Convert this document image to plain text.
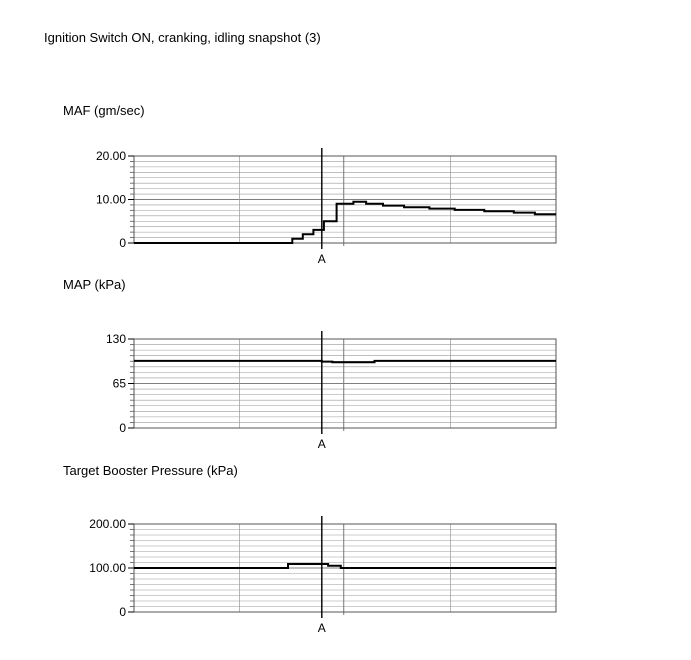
Ignition Switch ON, cranking, idling snapshot (3)
MAF (gm/sec)
MAP (kPa)
Target Booster Pressure (kPa)
20.00
10.00
0
A
130
65
0
A
200.00
100.00
0
A
